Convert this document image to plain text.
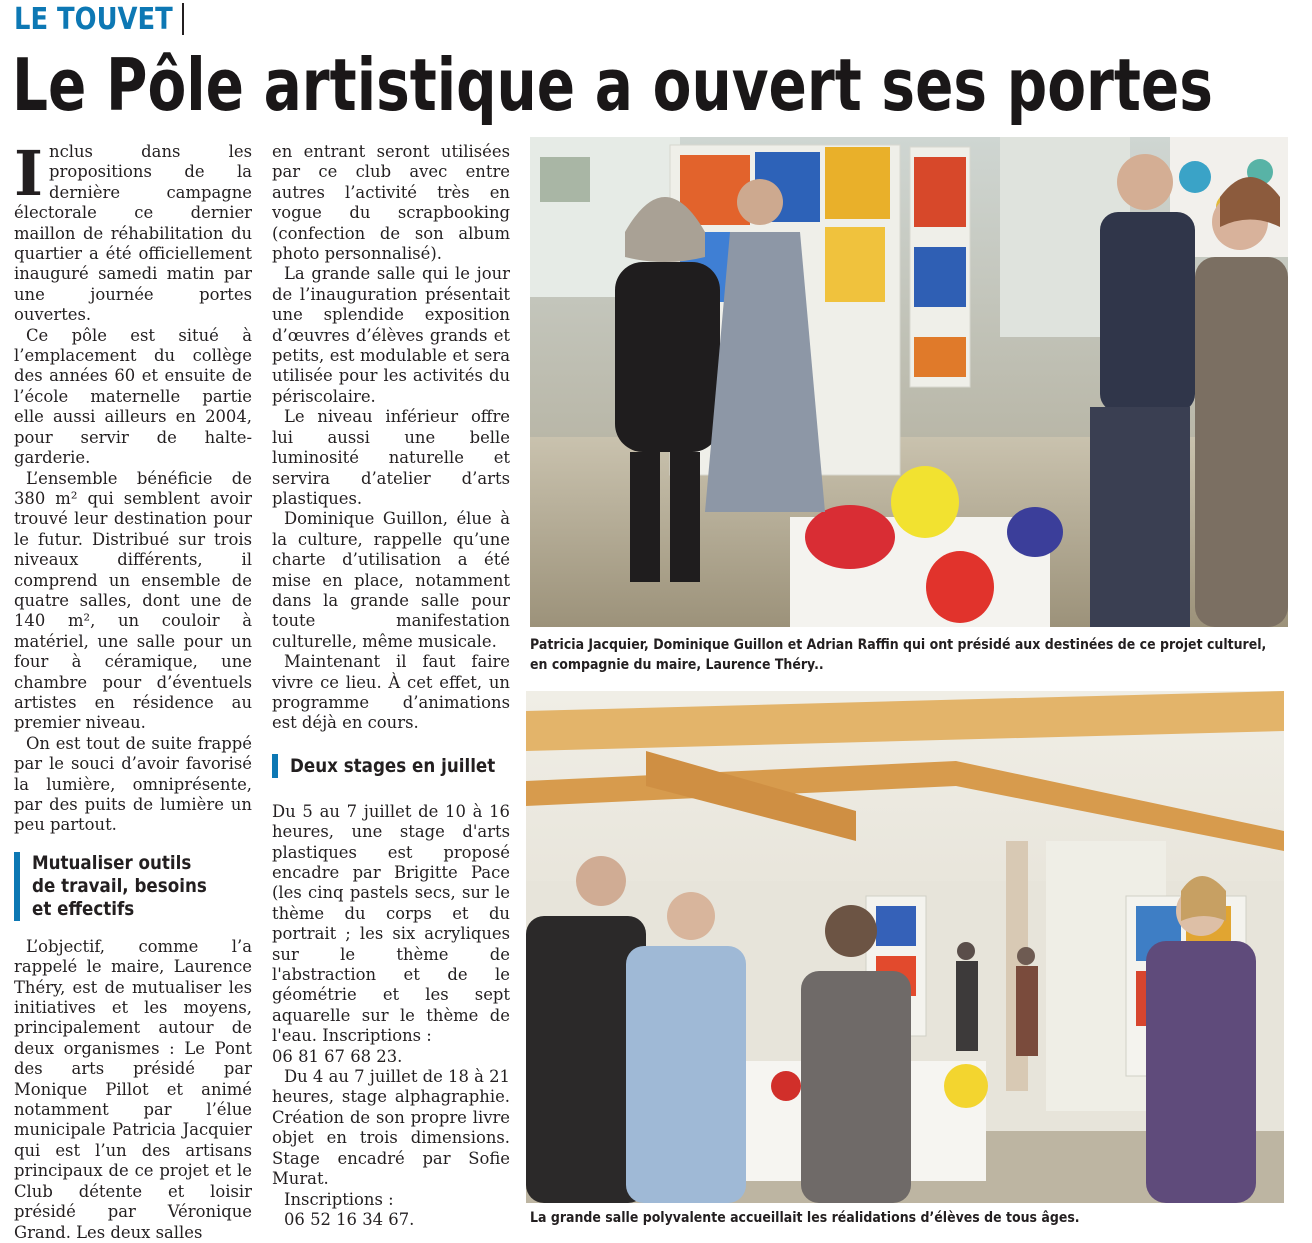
LE TOUVET
Le Pôle artistique a ouvert ses portes

Inclus dans les propositions de la dernière campagne électorale ce dernier maillon de réhabilitation du quartier a été officiellement inauguré samedi matin par une journée portes ouvertes.

Ce pôle est situé à l’emplacement du collège des années 60 et ensuite de l’école maternelle partie elle aussi ailleurs en 2004, pour servir de halte-garderie.

L’ensemble bénéficie de 380 m² qui semblent avoir trouvé leur destination pour le futur. Distribué sur trois niveaux différents, il comprend un ensemble de quatre salles, dont une de 140 m², un couloir à matériel, une salle pour un four à céramique, une chambre pour d’éventuels artistes en résidence au premier niveau.

On est tout de suite frappé par le souci d’avoir favorisé la lumière, omniprésente, par des puits de lumière un peu partout.

Mutualiser outils
de travail, besoins
et effectifs

L’objectif, comme l’a rappelé le maire, Laurence Théry, est de mutualiser les initiatives et les moyens, principalement autour de deux organismes : Le Pont des arts présidé par Monique Pillot et animé notamment par l’élue municipale Patricia Jacquier qui est l’un des artisans principaux de ce projet et le Club détente et loisir présidé par Véronique Grand. Les deux salles

en entrant seront utilisées par ce club avec entre autres l’activité très en vogue du scrapbooking (confection de son album photo personnalisé).

La grande salle qui le jour de l’inauguration présentait une splendide exposition d’œuvres d’élèves grands et petits, est modulable et sera utilisée pour les activités du périscolaire.

Le niveau inférieur offre lui aussi une belle luminosité naturelle et servira d’atelier d’arts plastiques.

Dominique Guillon, élue à la culture, rappelle qu’une charte d’utilisation a été mise en place, notamment dans la grande salle pour toute manifestation culturelle, même musicale.

Maintenant il faut faire vivre ce lieu. À cet effet, un programme d’animations est déjà en cours.

Deux stages en juillet

Du 5 au 7 juillet de 10 à 16 heures, une stage d'arts plastiques est proposé encadre par Brigitte Pace (les cinq pastels secs, sur le thème du corps et du portrait ; les six acryliques sur le thème de l'abstraction et de le géométrie et les sept aquarelle sur le thème de l'eau. Inscriptions :

06 81 67 68 23.

Du 4 au 7 juillet de 18 à 21 heures, stage alphagraphie. Création de son propre livre objet en trois dimensions. Stage encadré par Sofie Murat.

Inscriptions :

06 52 16 34 67.

Patricia Jacquier, Dominique Guillon et Adrian Raffin qui ont présidé aux destinées de ce projet culturel, en compagnie du maire, Laurence Théry..
La grande salle polyvalente accueillait les réalidations d’élèves de tous âges.
